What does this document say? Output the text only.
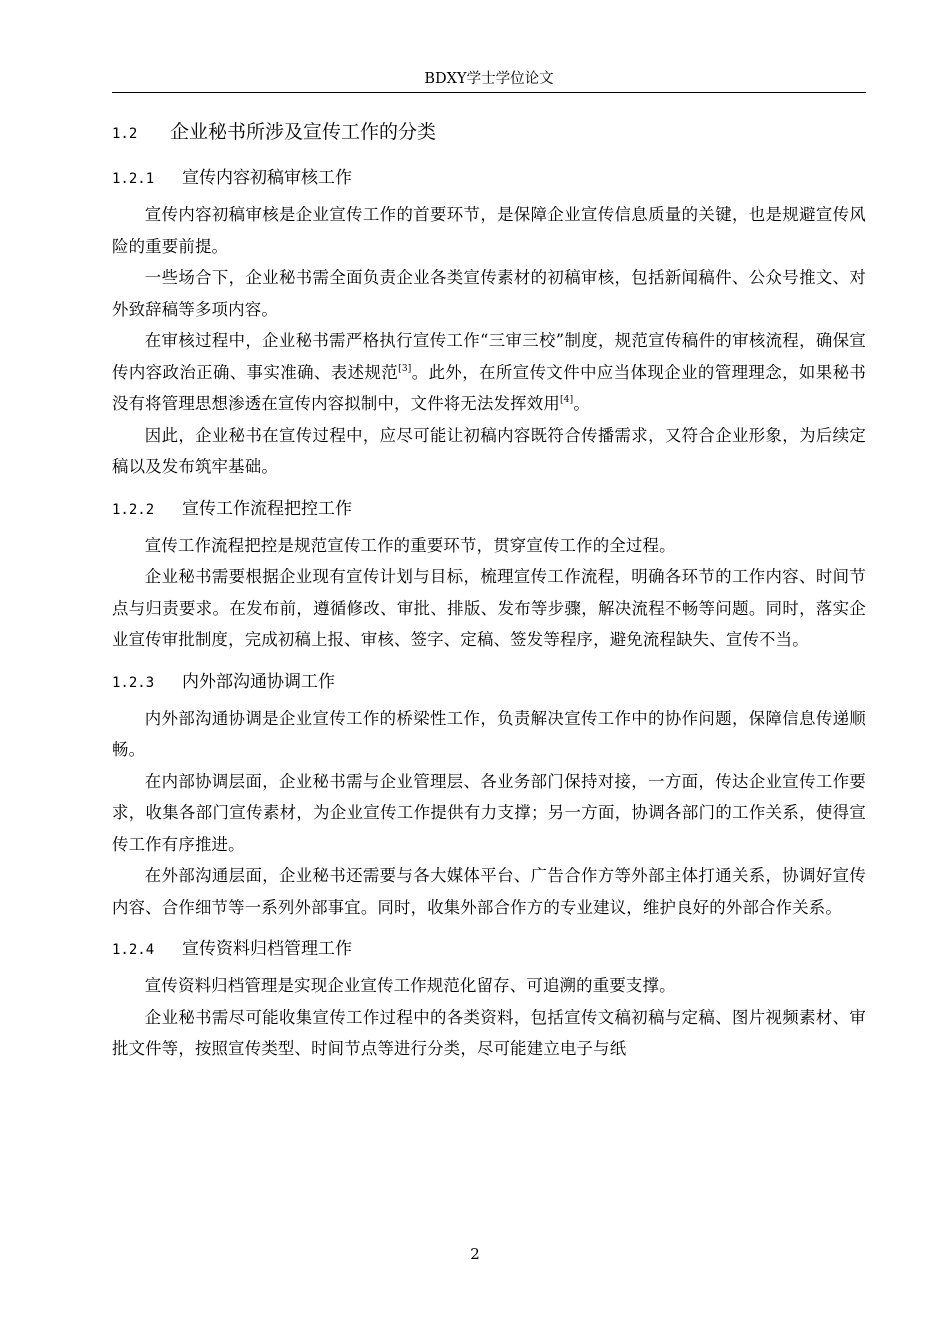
BDXY学士学位论文
1.2 企业秘书所涉及宣传工作的分类
1.2.1 宣传内容初稿审核工作

宣传内容初稿审核是企业宣传工作的首要环节，是保障企业宣传信息质量的关键，也是规避宣传风险的重要前提。

一些场合下，企业秘书需全面负责企业各类宣传素材的初稿审核，包括新闻稿件、公众号推文、对外致辞稿等多项内容。

在审核过程中，企业秘书需严格执行宣传工作“三审三校”制度，规范宣传稿件的审核流程，确保宣传内容政治正确、事实准确、表述规范[3]。此外，在所宣传文件中应当体现企业的管理理念，如果秘书没有将管理思想渗透在宣传内容拟制中，文件将无法发挥效用[4]。

因此，企业秘书在宣传过程中，应尽可能让初稿内容既符合传播需求，又符合企业形象，为后续定稿以及发布筑牢基础。

1.2.2 宣传工作流程把控工作

宣传工作流程把控是规范宣传工作的重要环节，贯穿宣传工作的全过程。

企业秘书需要根据企业现有宣传计划与目标，梳理宣传工作流程，明确各环节的工作内容、时间节点与归责要求。在发布前，遵循修改、审批、排版、发布等步骤，解决流程不畅等问题。同时，落实企业宣传审批制度，完成初稿上报、审核、签字、定稿、签发等程序，避免流程缺失、宣传不当。

1.2.3 内外部沟通协调工作

内外部沟通协调是企业宣传工作的桥梁性工作，负责解决宣传工作中的协作问题，保障信息传递顺畅。

在内部协调层面，企业秘书需与企业管理层、各业务部门保持对接，一方面，传达企业宣传工作要求，收集各部门宣传素材，为企业宣传工作提供有力支撑；另一方面，协调各部门的工作关系，使得宣传工作有序推进。

在外部沟通层面，企业秘书还需要与各大媒体平台、广告合作方等外部主体打通关系，协调好宣传内容、合作细节等一系列外部事宜。同时，收集外部合作方的专业建议，维护良好的外部合作关系。

1.2.4 宣传资料归档管理工作

宣传资料归档管理是实现企业宣传工作规范化留存、可追溯的重要支撑。

企业秘书需尽可能收集宣传工作过程中的各类资料，包括宣传文稿初稿与定稿、图片视频素材、审批文件等，按照宣传类型、时间节点等进行分类，尽可能建立电子与纸

2
